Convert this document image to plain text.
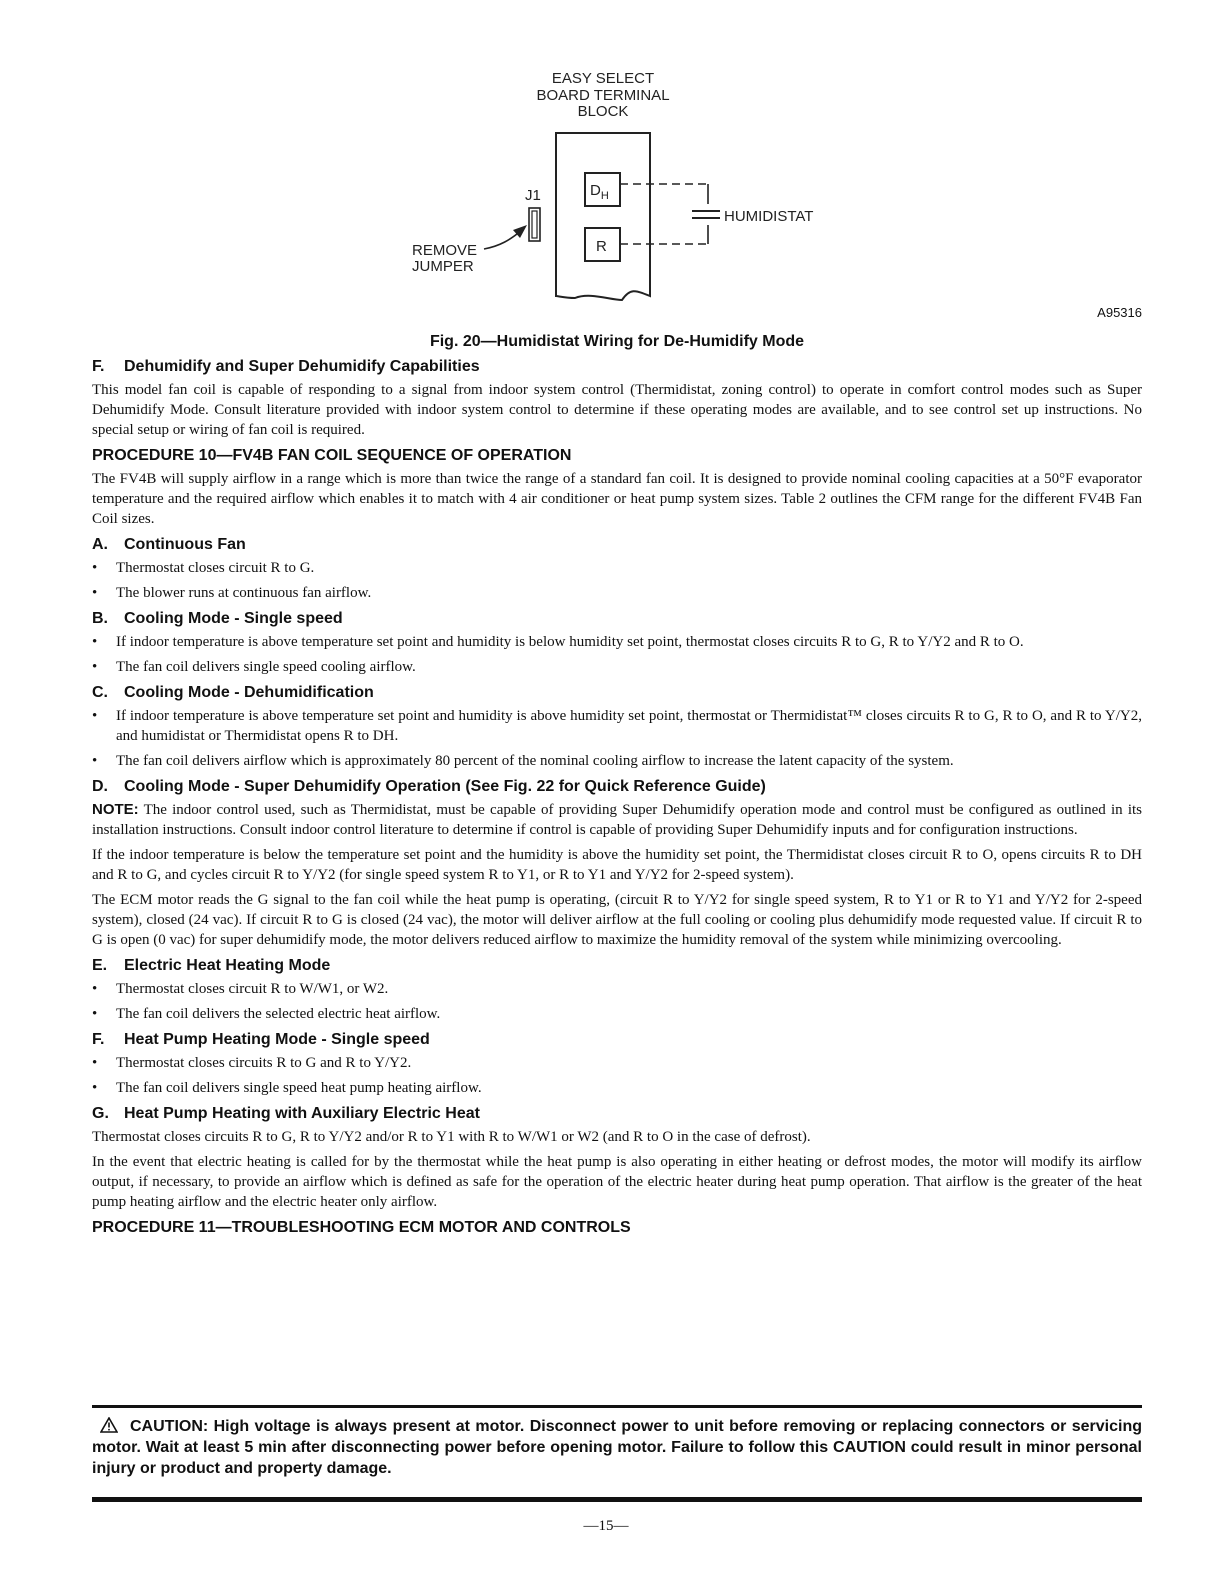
EASY SELECT
BOARD TERMINAL
BLOCK
$D_H$
R
HUMIDISTAT
J1
REMOVE
JUMPER
A95316
Fig. 20—Humidistat Wiring for De-Humidify Mode
F. Dehumidify and Super Dehumidify Capabilities

This model fan coil is capable of responding to a signal from indoor system control (Thermidistat, zoning control) to operate in comfort control modes such as Super Dehumidify Mode. Consult literature provided with indoor system control to determine if these operating modes are available, and to see control set up instructions. No special setup or wiring of fan coil is required.

PROCEDURE 10—FV4B FAN COIL SEQUENCE OF OPERATION

The FV4B will supply airflow in a range which is more than twice the range of a standard fan coil. It is designed to provide nominal cooling capacities at a 50°F evaporator temperature and the required airflow which enables it to match with 4 air conditioner or heat pump system sizes. Table 2 outlines the CFM range for the different FV4B Fan Coil sizes.

A. Continuous Fan
• Thermostat closes circuit R to G.
• The blower runs at continuous fan airflow.
B. Cooling Mode - Single speed
• If indoor temperature is above temperature set point and humidity is below humidity set point, thermostat closes circuits R to G, R to Y/Y2 and R to O.
• The fan coil delivers single speed cooling airflow.
C. Cooling Mode - Dehumidification
• If indoor temperature is above temperature set point and humidity is above humidity set point, thermostat or Thermidistat™ closes circuits R to G, R to O, and R to Y/Y2, and humidistat or Thermidistat opens R to DH.
• The fan coil delivers airflow which is approximately 80 percent of the nominal cooling airflow to increase the latent capacity of the system.
D. Cooling Mode - Super Dehumidify Operation (See Fig. 22 for Quick Reference Guide)

NOTE: The indoor control used, such as Thermidistat, must be capable of providing Super Dehumidify operation mode and control must be configured as outlined in its installation instructions. Consult indoor control literature to determine if control is capable of providing Super Dehumidify inputs and for configuration instructions.

If the indoor temperature is below the temperature set point and the humidity is above the humidity set point, the Thermidistat closes circuit R to O, opens circuits R to DH and R to G, and cycles circuit R to Y/Y2 (for single speed system R to Y1, or R to Y1 and Y/Y2 for 2-speed system).

The ECM motor reads the G signal to the fan coil while the heat pump is operating, (circuit R to Y/Y2 for single speed system, R to Y1 or R to Y1 and Y/Y2 for 2-speed system), closed (24 vac). If circuit R to G is closed (24 vac), the motor will deliver airflow at the full cooling or cooling plus dehumidify mode requested value. If circuit R to G is open (0 vac) for super dehumidify mode, the motor delivers reduced airflow to maximize the humidity removal of the system while minimizing overcooling.

E. Electric Heat Heating Mode
• Thermostat closes circuit R to W/W1, or W2.
• The fan coil delivers the selected electric heat airflow.
F. Heat Pump Heating Mode - Single speed
• Thermostat closes circuits R to G and R to Y/Y2.
• The fan coil delivers single speed heat pump heating airflow.
G. Heat Pump Heating with Auxiliary Electric Heat

Thermostat closes circuits R to G, R to Y/Y2 and/or R to Y1 with R to W/W1 or W2 (and R to O in the case of defrost).

In the event that electric heating is called for by the thermostat while the heat pump is also operating in either heating or defrost modes, the motor will modify its airflow output, if necessary, to provide an airflow which is defined as safe for the operation of the electric heater during heat pump operation. That airflow is the greater of the heat pump heating airflow and the electric heater only airflow.

PROCEDURE 11—TROUBLESHOOTING ECM MOTOR AND CONTROLS
CAUTION: High voltage is always present at motor. Disconnect power to unit before removing or replacing connectors or servicing motor. Wait at least 5 min after disconnecting power before opening motor. Failure to follow this CAUTION could result in minor personal injury or product and property damage.
—15—
